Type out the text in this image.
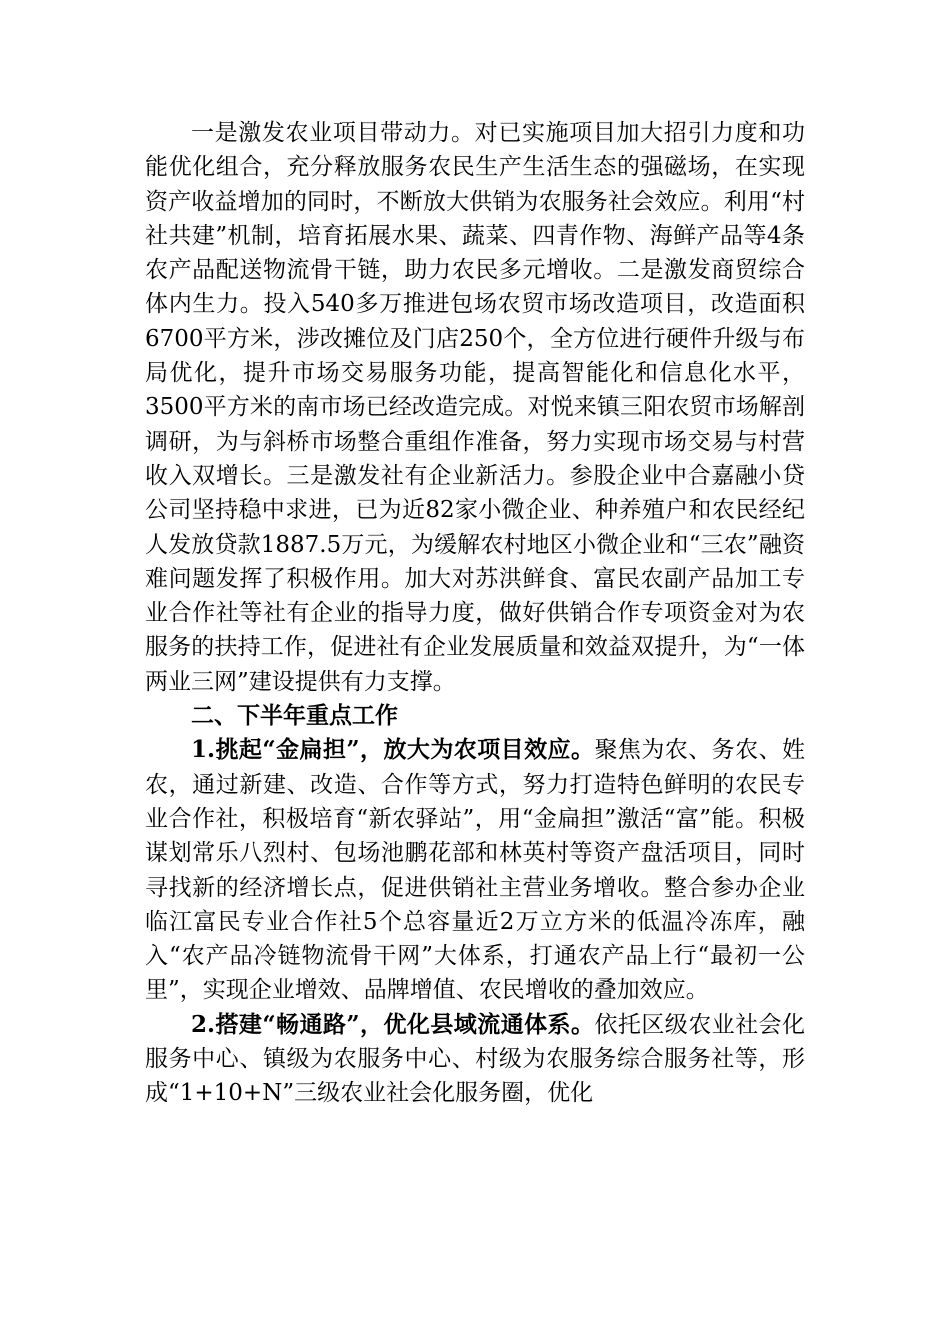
一是激发农业项目带动力。对已实施项目加大招引力度和功能优化组合，充分释放服务农民生产生活生态的强磁场，在实现资产收益增加的同时，不断放大供销为农服务社会效应。利用“村社共建”机制，培育拓展水果、蔬菜、四青作物、海鲜产品等4条农产品配送物流骨干链，助力农民多元增收。二是激发商贸综合体内生力。投入540多万推进包场农贸市场改造项目，改造面积6700平方米，涉改摊位及门店250个，全方位进行硬件升级与布局优化，提升市场交易服务功能，提高智能化和信息化水平，3500平方米的南市场已经改造完成。对悦来镇三阳农贸市场解剖调研，为与斜桥市场整合重组作准备，努力实现市场交易与村营收入双增长。三是激发社有企业新活力。参股企业中合嘉融小贷公司坚持稳中求进，已为近82家小微企业、种养殖户和农民经纪人发放贷款1887.5万元，为缓解农村地区小微企业和“三农”融资难问题发挥了积极作用。加大对苏洪鲜食、富民农副产品加工专业合作社等社有企业的指导力度，做好供销合作专项资金对为农服务的扶持工作，促进社有企业发展质量和效益双提升，为“一体两业三网”建设提供有力支撑。

二、下半年重点工作

1.挑起“金扁担”，放大为农项目效应。聚焦为农、务农、姓农，通过新建、改造、合作等方式，努力打造特色鲜明的农民专业合作社，积极培育“新农驿站”，用“金扁担”激活“富”能。积极谋划常乐八烈村、包场池鹏花部和林英村等资产盘活项目，同时寻找新的经济增长点，促进供销社主营业务增收。整合参办企业临江富民专业合作社5个总容量近2万立方米的低温冷冻库，融入“农产品冷链物流骨干网”大体系，打通农产品上行“最初一公里”，实现企业增效、品牌增值、农民增收的叠加效应。

2.搭建“畅通路”，优化县域流通体系。依托区级农业社会化服务中心、镇级为农服务中心、村级为农服务综合服务社等，形成“1+10+N”三级农业社会化服务圈，优化
